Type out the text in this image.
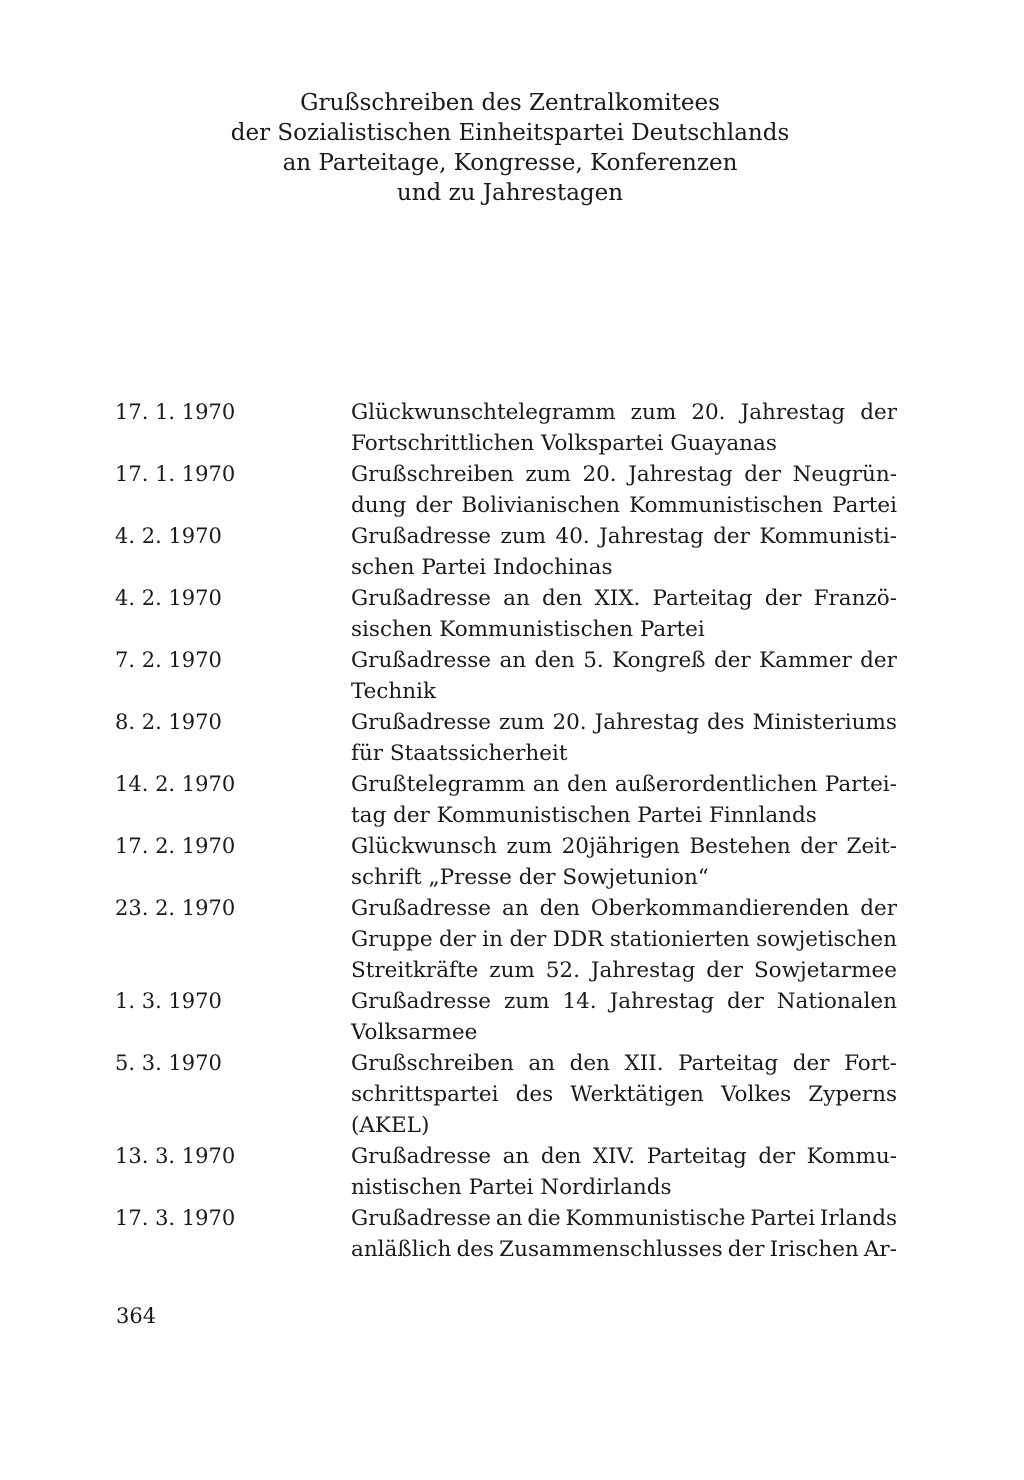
Grußschreiben des Zentralkomitees
der Sozialistischen Einheitspartei Deutschlands
an Parteitage, Kongresse, Konferenzen
und zu Jahrestagen
17. 1. 1970	Glückwunschtelegramm zum 20. Jahrestag der
Fortschrittlichen Volkspartei Guayanas
17. 1. 1970	Grußschreiben zum 20. Jahrestag der Neugrün-
dung der Bolivianischen Kommunistischen Partei
4. 2. 1970	Grußadresse zum 40. Jahrestag der Kommunisti-
schen Partei Indochinas
4. 2. 1970	Grußadresse an den XIX. Parteitag der Franzö-
sischen Kommunistischen Partei
7. 2. 1970	Grußadresse an den 5. Kongreß der Kammer der
Technik
8. 2. 1970	Grußadresse zum 20. Jahrestag des Ministeriums
für Staatssicherheit
14. 2. 1970	Grußtelegramm an den außerordentlichen Partei-
tag der Kommunistischen Partei Finnlands
17. 2. 1970	Glückwunsch zum 20jährigen Bestehen der Zeit-
schrift „Presse der Sowjetunion“
23. 2. 1970	Grußadresse an den Oberkommandierenden der
Gruppe der in der DDR stationierten sowjetischen
Streitkräfte zum 52. Jahrestag der Sowjetarmee
1. 3. 1970	Grußadresse zum 14. Jahrestag der Nationalen
Volksarmee
5. 3. 1970	Grußschreiben an den XII. Parteitag der Fort-
schrittspartei des Werktätigen Volkes Zyperns
(AKEL)
13. 3. 1970	Grußadresse an den XIV. Parteitag der Kommu-
nistischen Partei Nordirlands
17. 3. 1970	Grußadresse an die Kommunistische Partei Irlands
anläßlich des Zusammenschlusses der Irischen Ar-
364
